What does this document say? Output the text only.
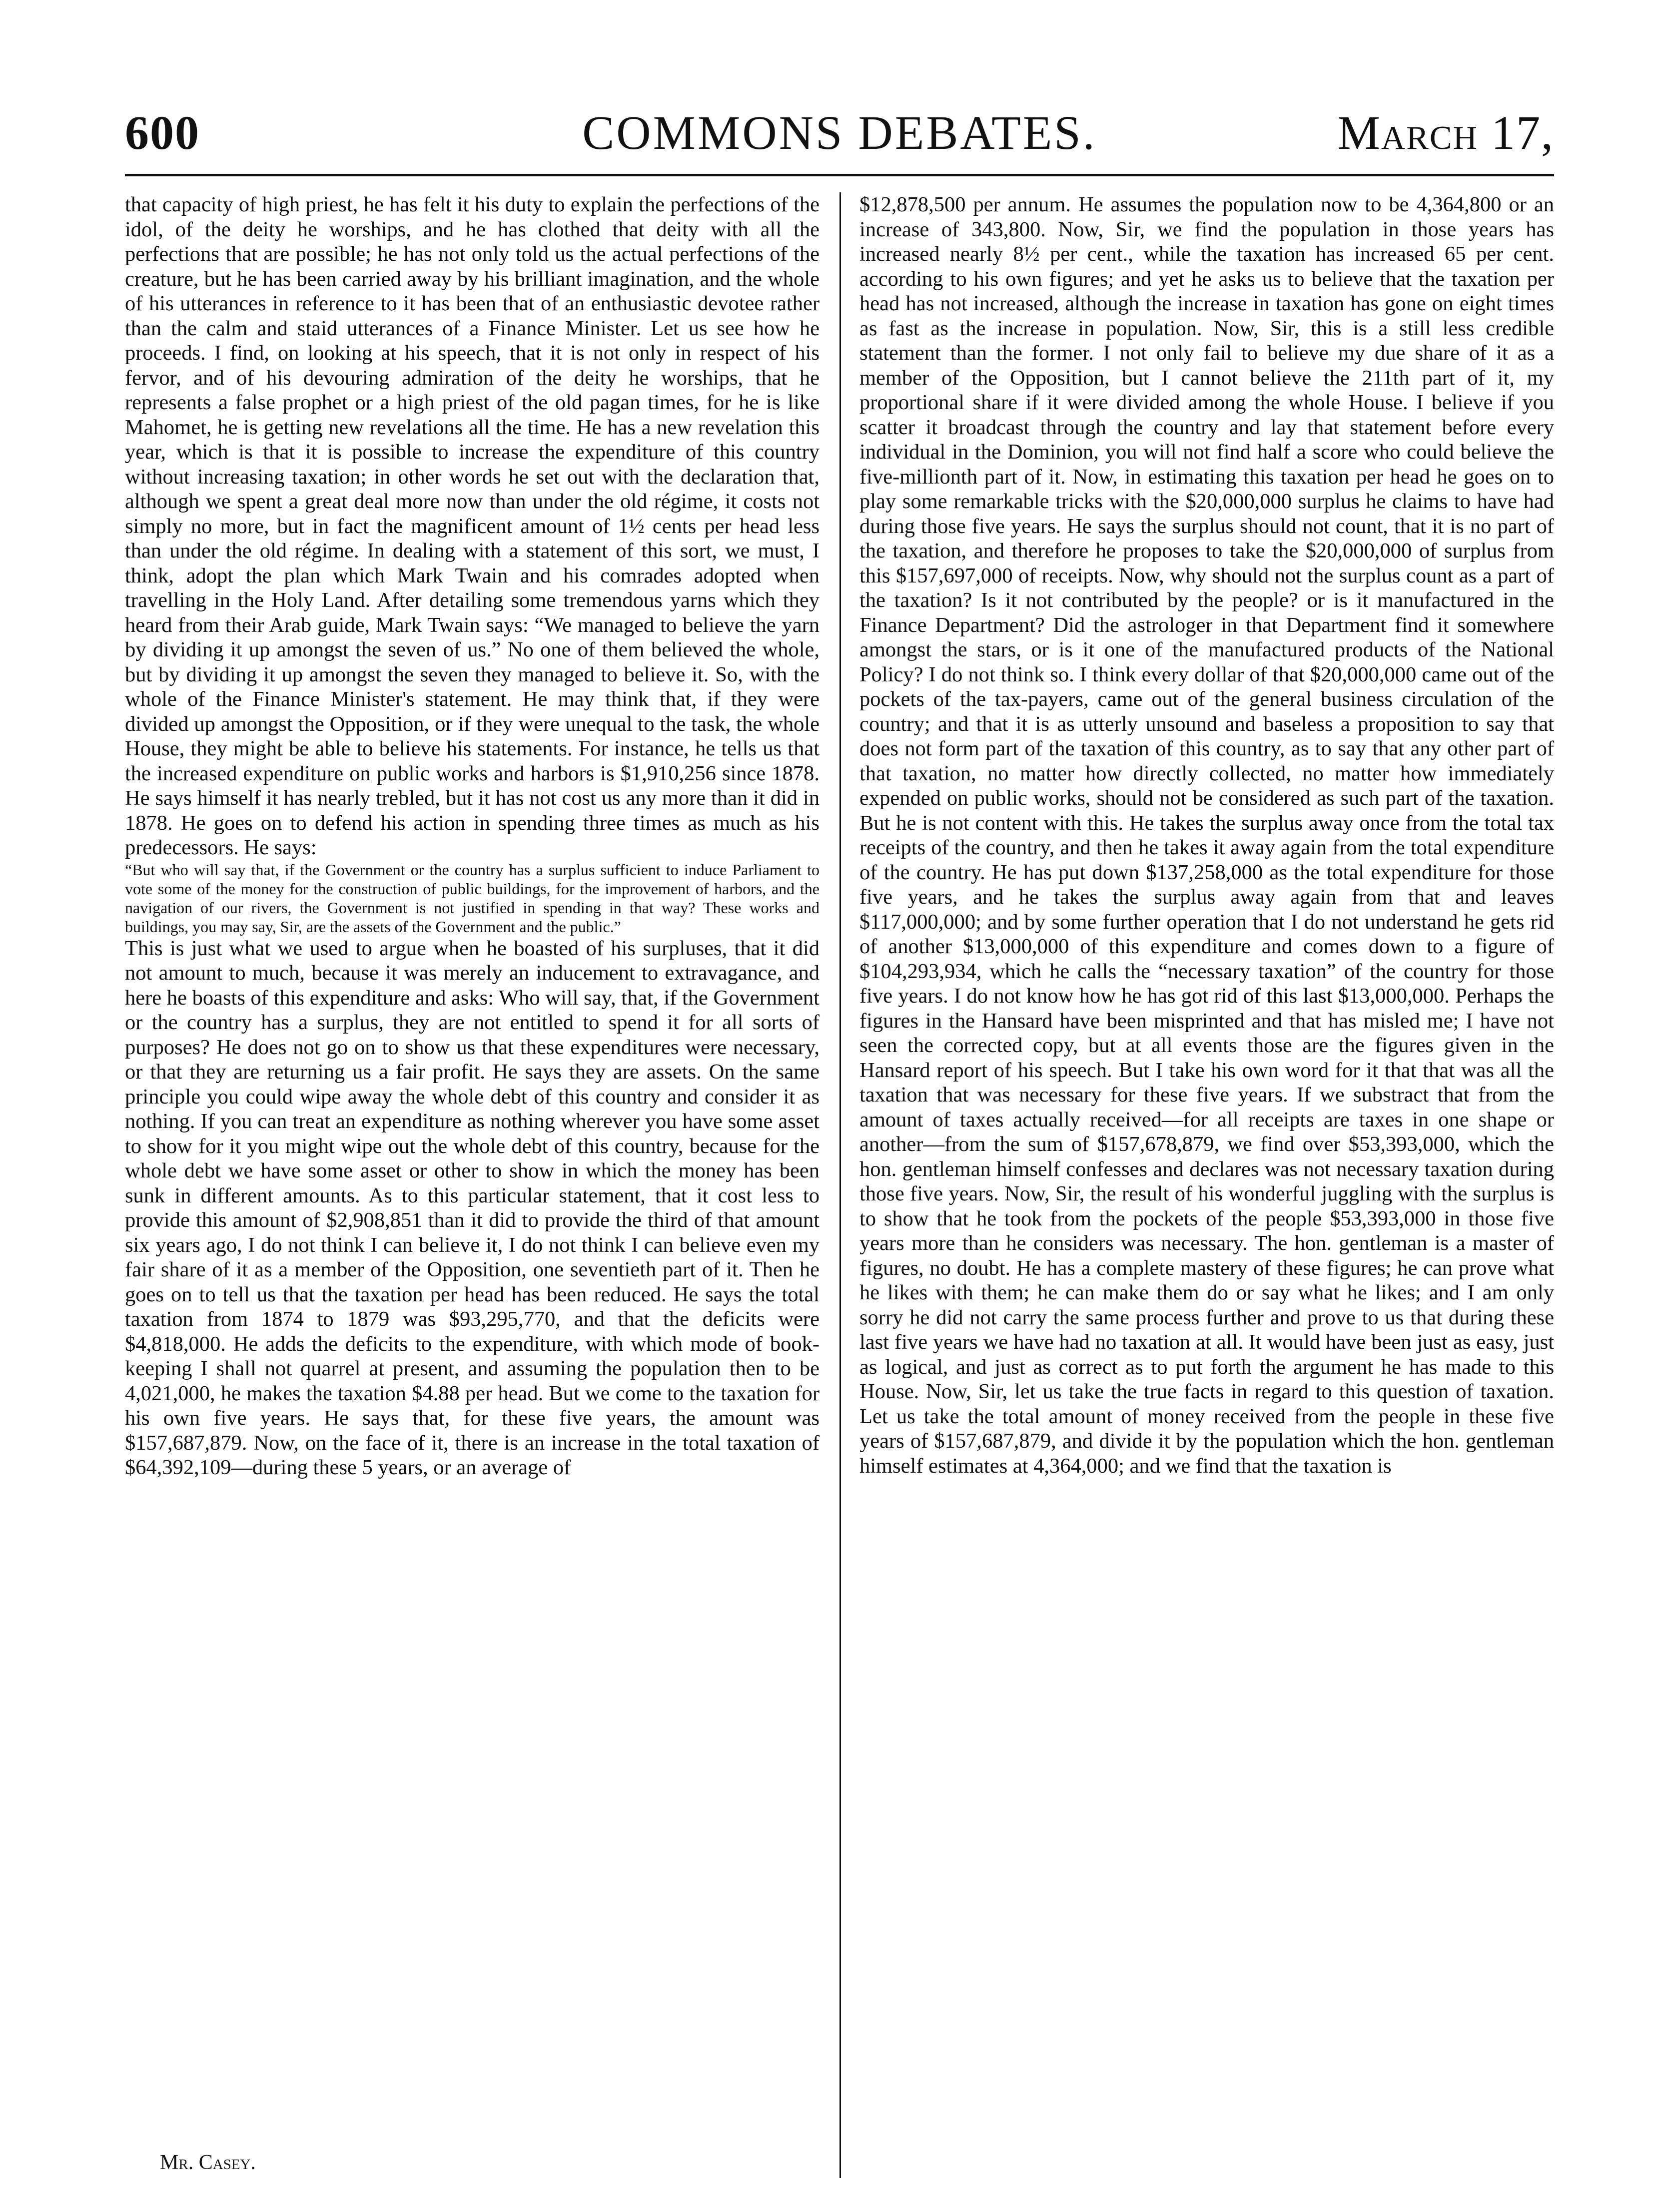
600	COMMONS DEBATES.	March 17,

that capacity of high priest, he has felt it his duty to explain the perfections of the idol, of the deity he worships, and he has clothed that deity with all the perfections that are possible; he has not only told us the actual perfections of the creature, but he has been carried away by his brilliant imagination, and the whole of his utterances in reference to it has been that of an enthusiastic devotee rather than the calm and staid utterances of a Finance Minister. Let us see how he proceeds. I find, on looking at his speech, that it is not only in respect of his fervor, and of his devouring admiration of the deity he worships, that he represents a false prophet or a high priest of the old pagan times, for he is like Mahomet, he is getting new revelations all the time. He has a new revelation this year, which is that it is possible to increase the expenditure of this country without increasing taxation; in other words he set out with the declaration that, although we spent a great deal more now than under the old régime, it costs not simply no more, but in fact the magnificent amount of 1½ cents per head less than under the old régime. In dealing with a statement of this sort, we must, I think, adopt the plan which Mark Twain and his comrades adopted when travelling in the Holy Land. After detailing some tremendous yarns which they heard from their Arab guide, Mark Twain says: “We managed to believe the yarn by dividing it up amongst the seven of us.” No one of them believed the whole, but by dividing it up amongst the seven they managed to believe it. So, with the whole of the Finance Minister's statement. He may think that, if they were divided up amongst the Opposition, or if they were unequal to the task, the whole House, they might be able to believe his statements. For instance, he tells us that the increased expenditure on public works and harbors is $1,910,256 since 1878. He says himself it has nearly trebled, but it has not cost us any more than it did in 1878. He goes on to defend his action in spending three times as much as his predecessors. He says:

“But who will say that, if the Government or the country has a surplus sufficient to induce Parliament to vote some of the money for the construction of public buildings, for the improvement of harbors, and the navigation of our rivers, the Government is not justified in spending in that way? These works and buildings, you may say, Sir, are the assets of the Government and the public.”

This is just what we used to argue when he boasted of his surpluses, that it did not amount to much, because it was merely an inducement to extravagance, and here he boasts of this expenditure and asks: Who will say, that, if the Government or the country has a surplus, they are not entitled to spend it for all sorts of purposes? He does not go on to show us that these expenditures were necessary, or that they are returning us a fair profit. He says they are assets. On the same principle you could wipe away the whole debt of this country and consider it as nothing. If you can treat an expenditure as nothing wherever you have some asset to show for it you might wipe out the whole debt of this country, because for the whole debt we have some asset or other to show in which the money has been sunk in different amounts. As to this particular statement, that it cost less to provide this amount of $2,908,851 than it did to provide the third of that amount six years ago, I do not think I can believe it, I do not think I can believe even my fair share of it as a member of the Opposition, one seventieth part of it. Then he goes on to tell us that the taxation per head has been reduced. He says the total taxation from 1874 to 1879 was $93,295,770, and that the deficits were $4,818,000. He adds the deficits to the expenditure, with which mode of book-keeping I shall not quarrel at present, and assuming the population then to be 4,021,000, he makes the taxation $4.88 per head. But we come to the taxation for his own five years. He says that, for these five years, the amount was $157,687,879. Now, on the face of it, there is an increase in the total taxation of $64,392,109—during these 5 years, or an average of

$12,878,500 per annum. He assumes the population now to be 4,364,800 or an increase of 343,800. Now, Sir, we find the population in those years has increased nearly 8½ per cent., while the taxation has increased 65 per cent. according to his own figures; and yet he asks us to believe that the taxation per head has not increased, although the increase in taxation has gone on eight times as fast as the increase in population. Now, Sir, this is a still less credible statement than the former. I not only fail to believe my due share of it as a member of the Opposition, but I cannot believe the 211th part of it, my proportional share if it were divided among the whole House. I believe if you scatter it broadcast through the country and lay that statement before every individual in the Dominion, you will not find half a score who could believe the five-millionth part of it. Now, in estimating this taxation per head he goes on to play some remarkable tricks with the $20,000,000 surplus he claims to have had during those five years. He says the surplus should not count, that it is no part of the taxation, and therefore he proposes to take the $20,000,000 of surplus from this $157,697,000 of receipts. Now, why should not the surplus count as a part of the taxation? Is it not contributed by the people? or is it manufactured in the Finance Department? Did the astrologer in that Department find it somewhere amongst the stars, or is it one of the manufactured products of the National Policy? I do not think so. I think every dollar of that $20,000,000 came out of the pockets of the tax-payers, came out of the general business circulation of the country; and that it is as utterly unsound and baseless a proposition to say that does not form part of the taxation of this country, as to say that any other part of that taxation, no matter how directly collected, no matter how immediately expended on public works, should not be considered as such part of the taxation. But he is not content with this. He takes the surplus away once from the total tax receipts of the country, and then he takes it away again from the total expenditure of the country. He has put down $137,258,000 as the total expenditure for those five years, and he takes the surplus away again from that and leaves $117,000,000; and by some further operation that I do not understand he gets rid of another $13,000,000 of this expenditure and comes down to a figure of $104,293,934, which he calls the “necessary taxation” of the country for those five years. I do not know how he has got rid of this last $13,000,000. Perhaps the figures in the Hansard have been misprinted and that has misled me; I have not seen the corrected copy, but at all events those are the figures given in the Hansard report of his speech. But I take his own word for it that that was all the taxation that was necessary for these five years. If we substract that from the amount of taxes actually received—for all receipts are taxes in one shape or another—from the sum of $157,678,879, we find over $53,393,000, which the hon. gentleman himself confesses and declares was not necessary taxation during those five years. Now, Sir, the result of his wonderful juggling with the surplus is to show that he took from the pockets of the people $53,393,000 in those five years more than he considers was necessary. The hon. gentleman is a master of figures, no doubt. He has a complete mastery of these figures; he can prove what he likes with them; he can make them do or say what he likes; and I am only sorry he did not carry the same process further and prove to us that during these last five years we have had no taxation at all. It would have been just as easy, just as logical, and just as correct as to put forth the argument he has made to this House. Now, Sir, let us take the true facts in regard to this question of taxation. Let us take the total amount of money received from the people in these five years of $157,687,879, and divide it by the population which the hon. gentleman himself estimates at 4,364,000; and we find that the taxation is

Mr. Casey.
